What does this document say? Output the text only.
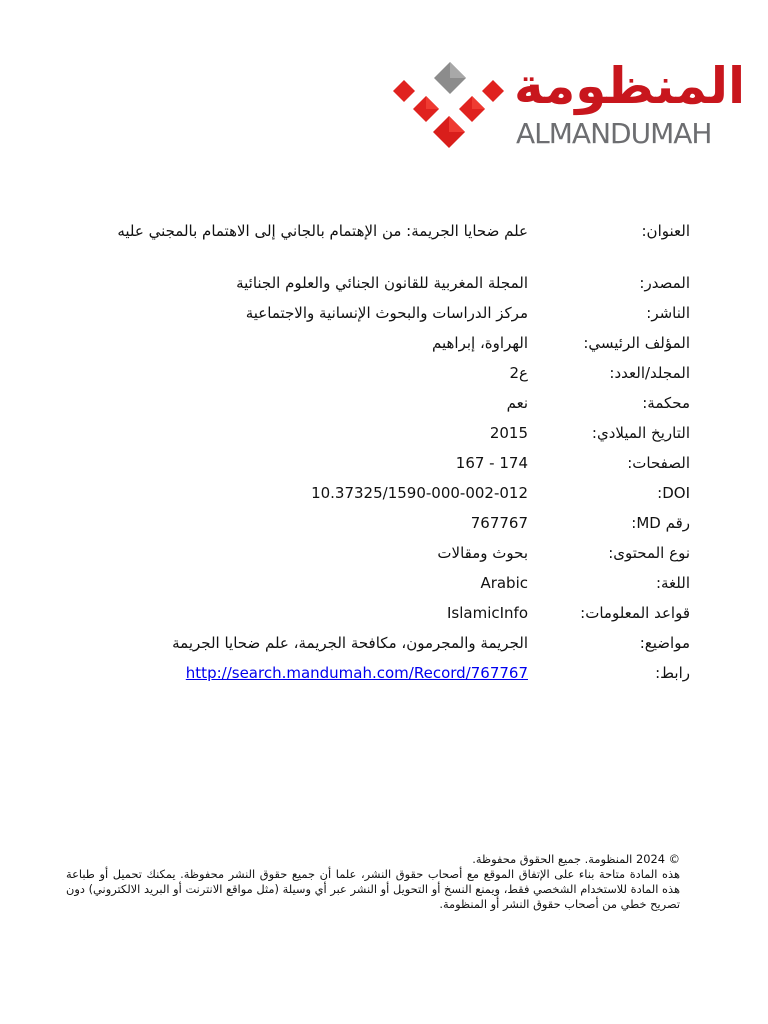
المنظومة
ALMANDUMAH
العنوان:
علم ضحايا الجريمة: من الإهتمام بالجاني إلى الاهتمام بالمجني عليه
المصدر:
المجلة المغربية للقانون الجنائي والعلوم الجنائية
الناشر:
مركز الدراسات والبحوث الإنسانية والاجتماعية
المؤلف الرئيسي:
الهراوة، إبراهيم
المجلد/العدد:
ع2
محكمة:
نعم
التاريخ الميلادي:
2015
الصفحات:
167 - 174
DOI:
10.37325/1590-000-002-012
رقم MD:
767767
نوع المحتوى:
بحوث ومقالات
اللغة:
Arabic
قواعد المعلومات:
IslamicInfo
مواضيع:
الجريمة والمجرمون، مكافحة الجريمة، علم ضحايا الجريمة
رابط:
http://search.mandumah.com/Record/767767

© 2024 المنظومة. جميع الحقوق محفوظة.

هذه المادة متاحة بناء على الإتفاق الموقع مع أصحاب حقوق النشر، علما أن جميع حقوق النشر محفوظة. يمكنك تحميل أو طباعة هذه المادة للاستخدام الشخصي فقط، ويمنع النسخ أو التحويل أو النشر عبر أي وسيلة (مثل مواقع الانترنت أو البريد الالكتروني) دون تصريح خطي من أصحاب حقوق النشر أو المنظومة.
